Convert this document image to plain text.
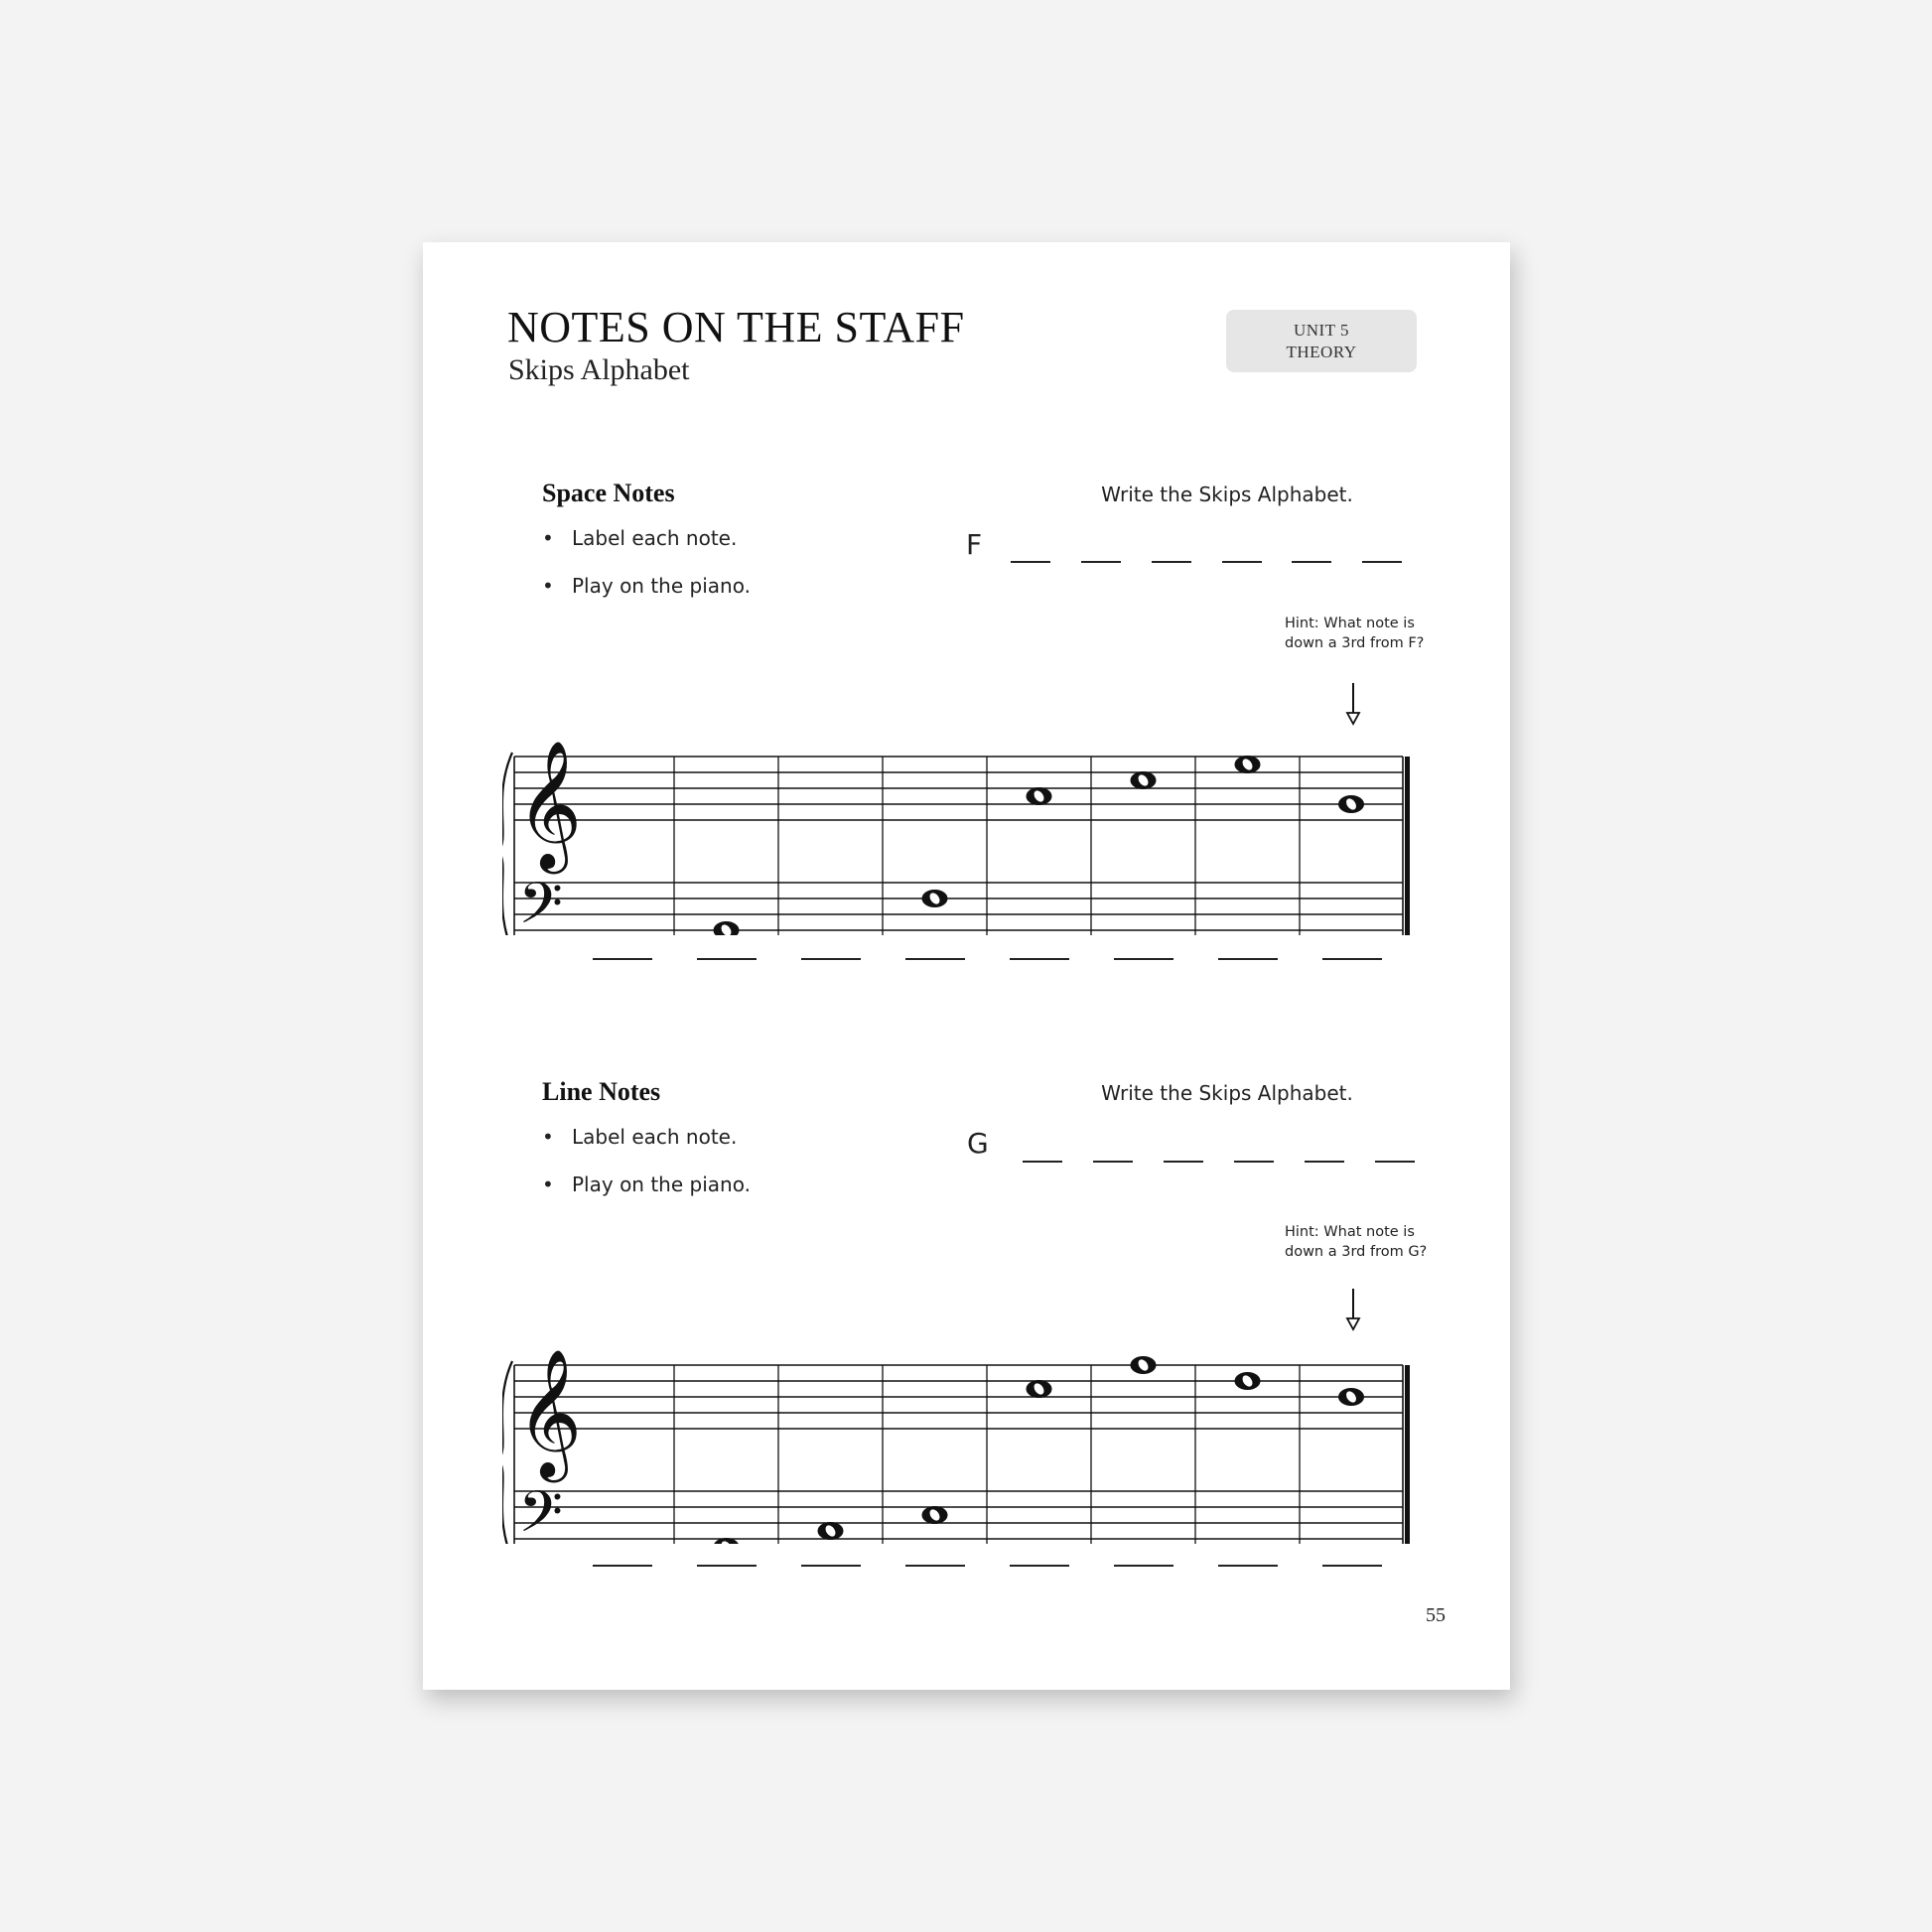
NOTES ON THE STAFF
Skips Alphabet
UNIT 5
THEORY
Space Notes
• Label each note.
• Play on the piano.
Write the Skips Alphabet.
F
Hint: What note is
down a 3rd from F?
𝄞
𝄢
Line Notes
• Label each note.
• Play on the piano.
Write the Skips Alphabet.
G
Hint: What note is
down a 3rd from G?
𝄞
𝄢
55
